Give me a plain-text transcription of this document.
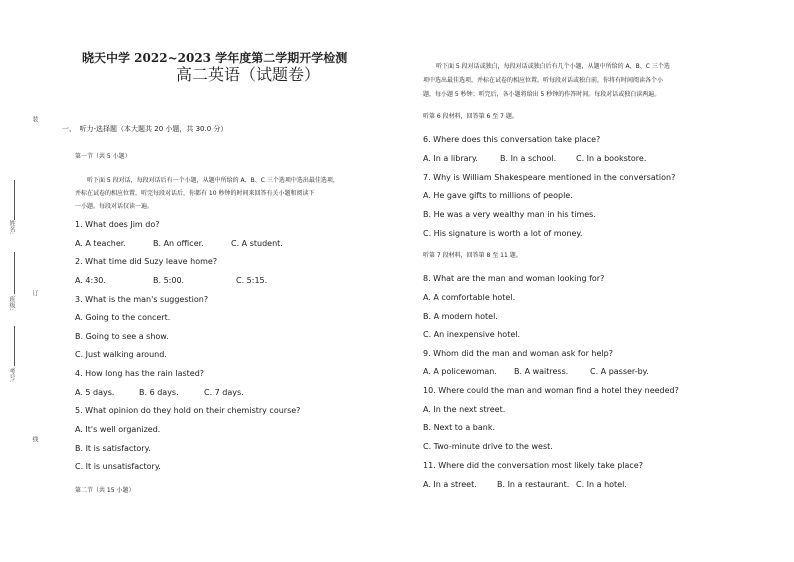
晓天中学 2022~2023 学年度第二学期开学检测
高二英语（试题卷）
装
订
线
姓名:
班级:
考号:
一、　听力-选择题（本大题共 20 小题，共 30.0 分）
第一节（共 5 小题）
听下面 5 段对话，每段对话后有一个小题，从题中所给的 A、B、C 三个选项中选出最佳选项，
并标在试卷的相应位置。听完每段对话后，你都有 10 秒钟的时间来回答有关小题和阅读下
一小题。每段对话仅读一遍。
1. What does Jim do?
A. A teacher.	B. An officer.	C. A student.
2. What time did Suzy leave home?
A. 4:30.	B. 5:00.	C. 5:15.
3. What is the man's suggestion?
A. Going to the concert.
B. Going to see a show.
C. Just walking around.
4. How long has the rain lasted?
A. 5 days.	B. 6 days.	C. 7 days.
5. What opinion do they hold on their chemistry course?
A. It's well organized.
B. It is satisfactory.
C. It is unsatisfactory.
第二节（共 15 小题）
听下面 5 段对话或独白，每段对话或独白后有几个小题，从题中所给的 A、B、C 三个选
项中选出最佳选项，并标在试卷的相应位置。听每段对话或独白前，你将有时间阅读各个小
题，每小题 5 秒钟；听完后，各小题将给出 5 秒钟的作答时间。每段对话或独白读两遍。
听第 6 段材料，回答第 6 至 7 题。
6. Where does this conversation take place?
A. In a library.	B. In a school. C. In a bookstore.
7. Why is William Shakespeare mentioned in the conversation?
A. He gave gifts to millions of people.
B. He was a very wealthy man in his times.
C. His signature is worth a lot of money.
听第 7 段材料，回答第 8 至 11 题。
8. What are the man and woman looking for?
A. A comfortable hotel.
B. A modern hotel.
C. An inexpensive hotel.
9. Whom did the man and woman ask for help?
A. A policewoman. B. A waitress.	C. A passer-by.
10. Where could the man and woman find a hotel they needed?
A. In the next street.
B. Next to a bank.
C. Two-minute drive to the west.
11. Where did the conversation most likely take place?
A. In a street.	B. In a restaurant. C. In a hotel.
